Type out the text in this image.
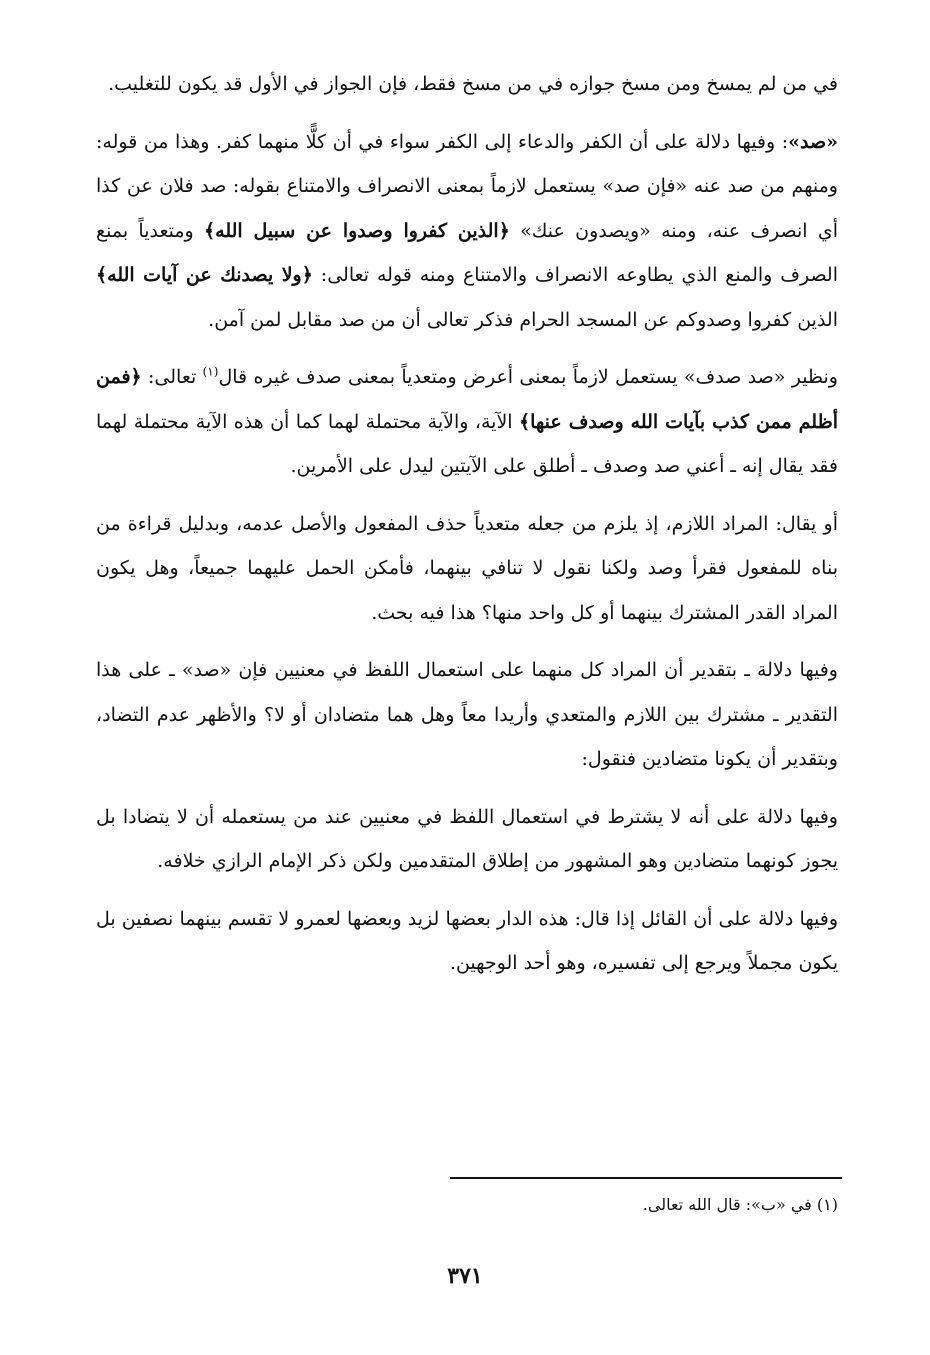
في من لم يمسخ ومن مسخ جوازه في من مسخ فقط، فإن الجواز في الأول قد يكون للتغليب.

«صد»: وفيها دلالة على أن الكفر والدعاء إلى الكفر سواء في أن كلًّا منهما كفر. وهذا من قوله: ومنهم من صد عنه «فإن صد» يستعمل لازماً بمعنى الانصراف والامتناع بقوله: صد فلان عن كذا أي انصرف عنه، ومنه «ويصدون عنك» ﴿الذين كفروا وصدوا عن سبيل الله﴾ ومتعدياً بمنع الصرف والمنع الذي يطاوعه الانصراف والامتناع ومنه قوله تعالى: ﴿ولا يصدنك عن آيات الله﴾ الذين كفروا وصدوكم عن المسجد الحرام فذكر تعالى أن من صد مقابل لمن آمن.

ونظير «صد صدف» يستعمل لازماً بمعنى أعرض ومتعدياً بمعنى صدف غيره قال$^{(١)}$ تعالى: ﴿فمن أظلم ممن كذب بآيات الله وصدف عنها﴾ الآية، والآية محتملة لهما كما أن هذه الآية محتملة لهما فقد يقال إنه ـ أعني صد وصدف ـ أطلق على الآيتين ليدل على الأمرين.

أو يقال: المراد اللازم، إذ يلزم من جعله متعدياً حذف المفعول والأصل عدمه، وبدليل قراءة من بناه للمفعول فقرأ وصد ولكنا نقول لا تنافي بينهما، فأمكن الحمل عليهما جميعاً، وهل يكون المراد القدر المشترك بينهما أو كل واحد منها؟ هذا فيه بحث.

وفيها دلالة ـ بتقدير أن المراد كل منهما على استعمال اللفظ في معنيين فإن «صد» ـ على هذا التقدير ـ مشترك بين اللازم والمتعدي وأريدا معاً وهل هما متضادان أو لا؟ والأظهر عدم التضاد، وبتقدير أن يكونا متضادين فنقول:

وفيها دلالة على أنه لا يشترط في استعمال اللفظ في معنيين عند من يستعمله أن لا يتضادا بل يجوز كونهما متضادين وهو المشهور من إطلاق المتقدمين ولكن ذكر الإمام الرازي خلافه.

وفيها دلالة على أن القائل إذا قال: هذه الدار بعضها لزيد وبعضها لعمرو لا تقسم بينهما نصفين بل يكون مجملاً ويرجع إلى تفسيره، وهو أحد الوجهين.

(١) في «ب»: قال الله تعالى.
٣٧١
